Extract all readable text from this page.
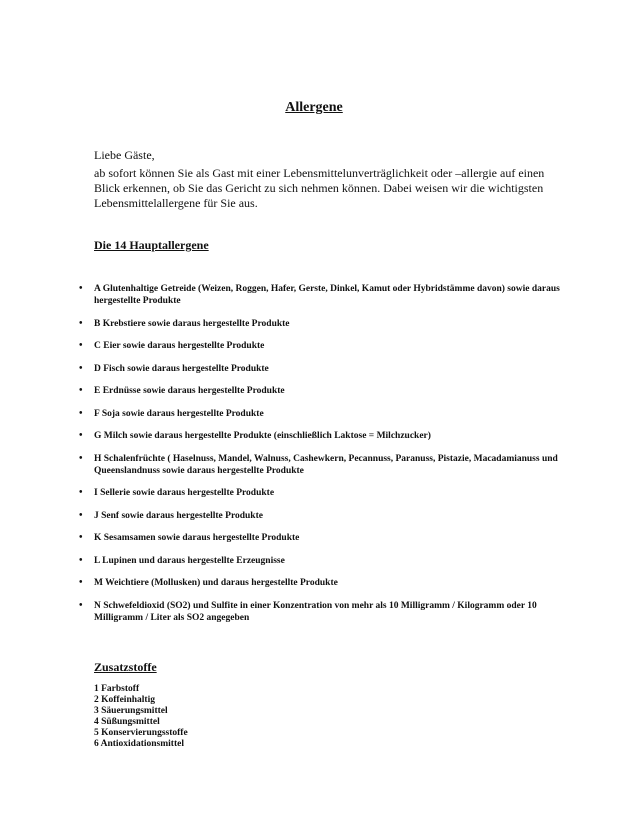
Allergene
Liebe Gäste,
ab sofort können Sie als Gast mit einer Lebensmittelunverträglichkeit oder –allergie auf einen Blick erkennen, ob Sie das Gericht zu sich nehmen können. Dabei weisen wir die wichtigsten Lebensmittelallergene für Sie aus.
Die 14 Hauptallergene
• A Glutenhaltige Getreide (Weizen, Roggen, Hafer, Gerste, Dinkel, Kamut oder Hybridstämme davon) sowie daraus hergestellte Produkte
• B Krebstiere sowie daraus hergestellte Produkte
• C Eier sowie daraus hergestellte Produkte
• D Fisch sowie daraus hergestellte Produkte
• E Erdnüsse sowie daraus hergestellte Produkte
• F Soja sowie daraus hergestellte Produkte
• G Milch sowie daraus hergestellte Produkte (einschließlich Laktose = Milchzucker)
• H Schalenfrüchte ( Haselnuss, Mandel, Walnuss, Cashewkern, Pecannuss, Paranuss, Pistazie, Macadamianuss und Queenslandnuss sowie daraus hergestellte Produkte
• I Sellerie sowie daraus hergestellte Produkte
• J Senf sowie daraus hergestellte Produkte
• K Sesamsamen sowie daraus hergestellte Produkte
• L Lupinen und daraus hergestellte Erzeugnisse
• M Weichtiere (Mollusken) und daraus hergestellte Produkte
• N Schwefeldioxid (SO2) und Sulfite in einer Konzentration von mehr als 10 Milligramm / Kilogramm oder 10 Milligramm / Liter als SO2 angegeben
Zusatzstoffe
1 Farbstoff
2 Koffeinhaltig
3 Säuerungsmittel
4 Süßungsmittel
5 Konservierungsstoffe
6 Antioxidationsmittel
